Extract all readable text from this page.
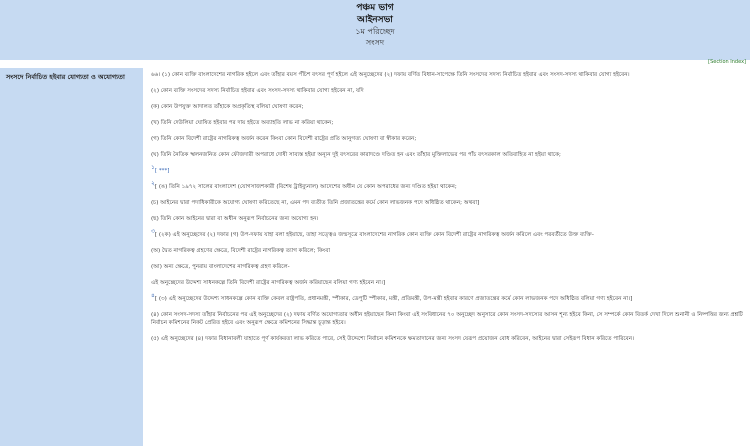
পঞ্চম ভাগ
আইনসভা
১ম পরিচ্ছেদ
সংসদ
[Section Index]
সংসদে নির্বাচিত হইবার যোগ্যতা ও অযোগ্যতা	৬৬। (১) কোন ব্যক্তি বাংলাদেশের নাগরিক হইলে এবং তাঁহার বয়স পঁচিশ বৎসর পূর্ণ হইলে এই অনুচ্ছেদের (২) দফায় বর্ণিত বিধান-সাপেক্ষে তিনি সংসদের সদস্য নির্বাচিত হইবার এবং সংসদ-সদস্য থাকিবার যোগ্য হইবেন।

(২) কোন ব্যক্তি সংসদের সদস্য নির্বাচিত হইবার এবং সংসদ-সদস্য থাকিবার যোগ্য হইবেন না, যদি

(ক) কোন উপযুক্ত আদালত তাঁহাকে অপ্রকৃতিস্থ বলিয়া ঘোষণা করেন;

(খ) তিনি দেউলিয়া ঘোষিত হইবার পর দায় হইতে অব্যাহতি লাভ না করিয়া থাকেন;

(গ) তিনি কোন বিদেশী রাষ্ট্রের নাগরিকত্ব অর্জন করেন কিংবা কোন বিদেশী রাষ্ট্রের প্রতি আনুগত্য ঘোষণা বা স্বীকার করেন;

(ঘ) তিনি নৈতিক স্খলনজনিত কোন ফৌজদারী অপরাধে দোষী সাব্যস্ত হইয়া অন্যূন দুই বৎসরের কারাদণ্ডে দণ্ডিত হন এবং তাঁহার মুক্তিলাভের পর পাঁচ বৎসরকাল অতিবাহিত না হইয়া থাকে;

১[ ***]

২[ (ঙ) তিনি ১৯৭২ সালের বাংলাদেশ (যোগসাজশকারী (বিশেষ ট্রাইব্যুনাল) আদেশের অধীন যে কোন অপরাধের জন্য দণ্ডিত হইয়া থাকেন;

(চ) আইনের দ্বারা পদাধিকারীকে অযোগ্য ঘোষণা করিতেছে না, এমন পদ ব্যতীত তিনি প্রজাতন্ত্রের কর্মে কোন লাভজনক পদে অধিষ্ঠিত থাকেন; অথবা]

(ছ) তিনি কোন আইনের দ্বারা বা অধীন অনুরূপ নির্বাচনের জন্য অযোগ্য হন।

৩[ (২ক) এই অনুচ্ছেদের (২) দফার (গ) উপ-দফায় যাহা বলা হইয়াছে, তাহা সত্ত্বেও জন্মসূত্রে বাংলাদেশের নাগরিক কোন ব্যক্তি কোন বিদেশী রাষ্ট্রের নাগরিকত্ব অর্জন করিলে এবং পরবর্তীতে উক্ত ব্যক্তি-

(অ) দ্বৈত নাগরিকত্ব গ্রহণের ক্ষেত্রে, বিদেশী রাষ্ট্রের নাগরিকত্ব ত্যাগ করিলে; কিংবা

(আ) অন্য ক্ষেত্রে, পুনরায় বাংলাদেশের নাগরিকত্ব গ্রহণ করিলে-

এই অনুচ্ছেদের উদ্দেশ্য সাধনকল্পে তিনি বিদেশী রাষ্ট্রের নাগরিকত্ব অর্জন করিয়াছেন বলিয়া গণ্য হইবেন না।]

৪[ (৩) এই অনুচ্ছেদের উদ্দেশ্য সাধনকল্পে কোন ব্যক্তি কেবল রাষ্ট্রপতি, প্রধানমন্ত্রী, স্পীকার, ডেপুটি স্পীকার, মন্ত্রী, প্রতিমন্ত্রী, উপ-মন্ত্রী হইবার কারণে প্রজাতন্ত্রের কর্মে কোন লাভজনক পদে অধিষ্ঠিত বলিয়া গণ্য হইবেন না।]

(৪) কোন সংসদ-সদস্য তাঁহার নির্বাচনের পর এই অনুচ্ছেদের (২) দফায় বর্ণিত অযোগ্যতার অধীন হইয়াছেন কিনা কিংবা এই সংবিধানের ৭০ অনুচ্ছেদ অনুসারে কোন সংসদ-সদস্যের আসন শূন্য হইবে কিনা, সে সম্পর্কে কোন বিতর্ক দেখা দিলে শুনানী ও নিষ্পত্তির জন্য প্রশ্নটি নির্বাচন কমিশনের নিকট প্রেরিত হইবে এবং অনুরূপ ক্ষেত্রে কমিশনের সিদ্ধান্ত চূড়ান্ত হইবে।

(৫) এই অনুচ্ছেদের (৪) দফার বিধানাবলী যাহাতে পূর্ণ কার্যকরতা লাভ করিতে পারে, সেই উদ্দেশ্যে নির্বাচন কমিশনকে ক্ষমতাদানের জন্য সংসদ যেরূপ প্রয়োজন বোধ করিবেন, আইনের দ্বারা সেইরূপ বিধান করিতে পারিবেন।
